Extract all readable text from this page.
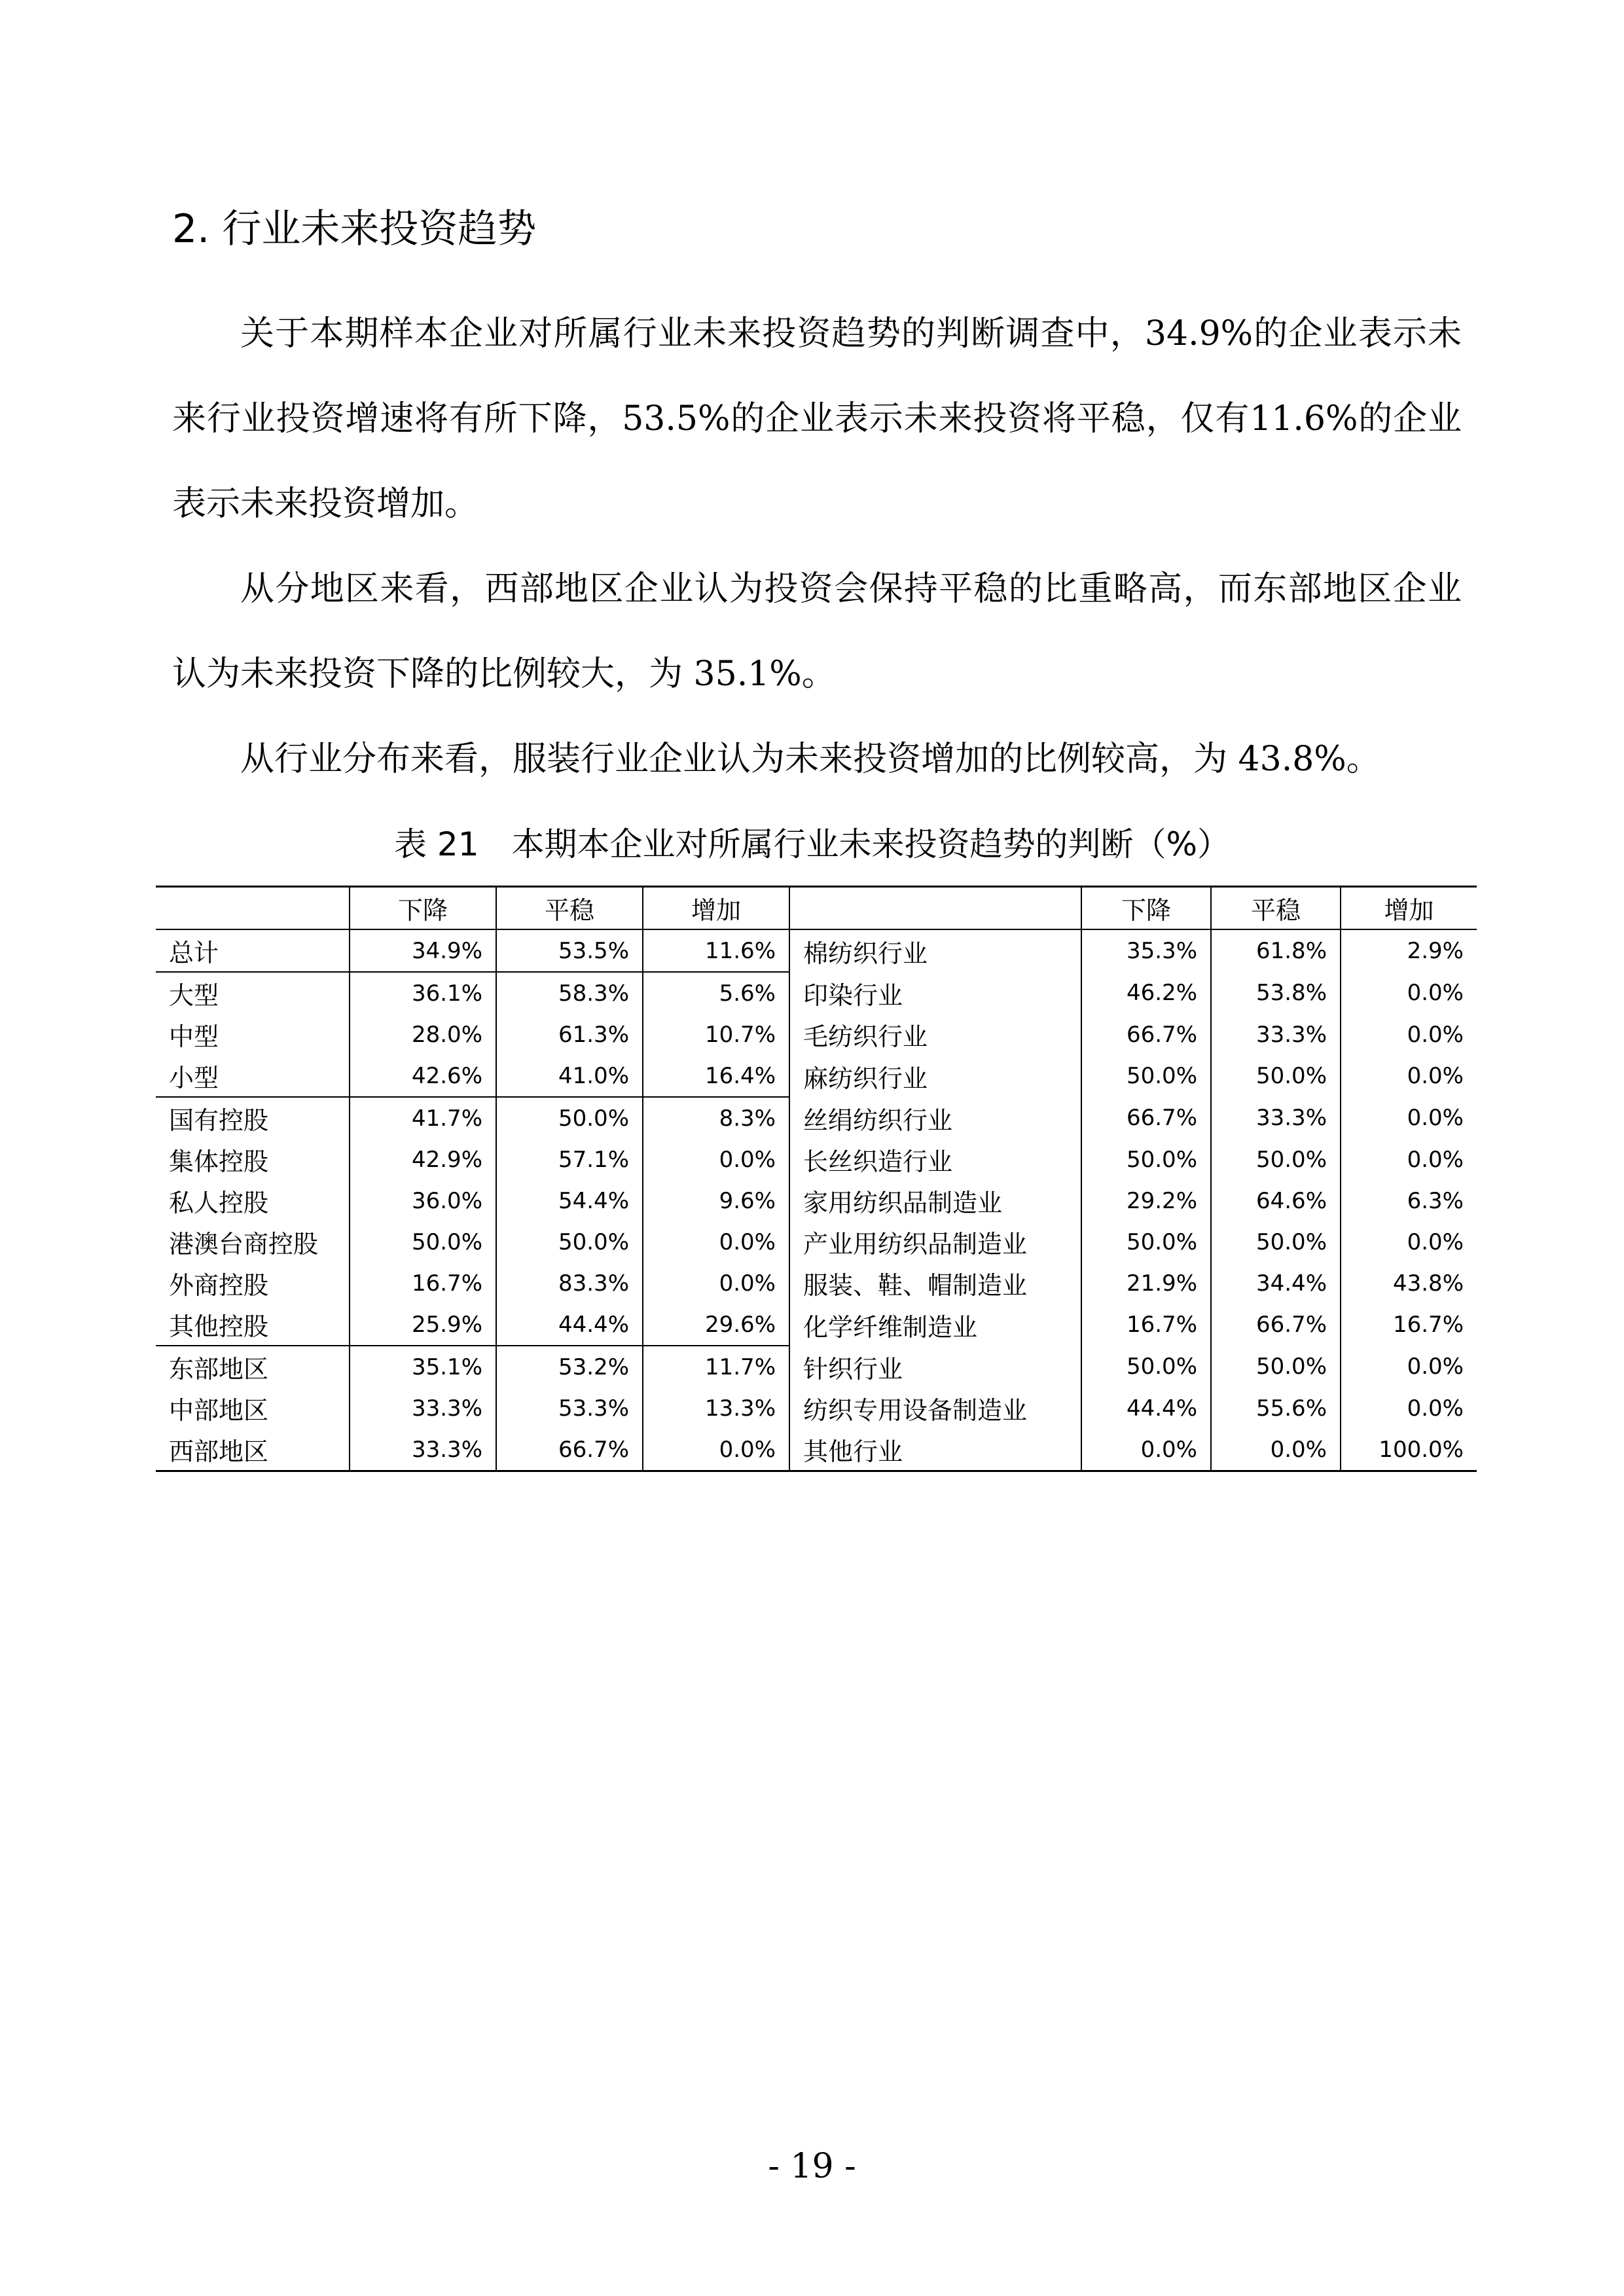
2. 行业未来投资趋势

关于本期样本企业对所属行业未来投资趋势的判断调查中，34.9%的企业表示未来行业投资增速将有所下降，53.5%的企业表示未来投资将平稳，仅有11.6%的企业表示未来投资增加。

从分地区来看，西部地区企业认为投资会保持平稳的比重略高，而东部地区企业认为未来投资下降的比例较大，为 35.1%。

从行业分布来看，服装行业企业认为未来投资增加的比例较高，为 43.8%。

表 21　本期本企业对所属行业未来投资趋势的判断（%）
	下降	平稳	增加		下降	平稳	增加
总计	34.9%	53.5%	11.6%	棉纺织行业	35.3%	61.8%	2.9%
大型	36.1%	58.3%	5.6%	印染行业	46.2%	53.8%	0.0%
中型	28.0%	61.3%	10.7%	毛纺织行业	66.7%	33.3%	0.0%
小型	42.6%	41.0%	16.4%	麻纺织行业	50.0%	50.0%	0.0%
国有控股	41.7%	50.0%	8.3%	丝绢纺织行业	66.7%	33.3%	0.0%
集体控股	42.9%	57.1%	0.0%	长丝织造行业	50.0%	50.0%	0.0%
私人控股	36.0%	54.4%	9.6%	家用纺织品制造业	29.2%	64.6%	6.3%
港澳台商控股	50.0%	50.0%	0.0%	产业用纺织品制造业	50.0%	50.0%	0.0%
外商控股	16.7%	83.3%	0.0%	服装、鞋、帽制造业	21.9%	34.4%	43.8%
其他控股	25.9%	44.4%	29.6%	化学纤维制造业	16.7%	66.7%	16.7%
东部地区	35.1%	53.2%	11.7%	针织行业	50.0%	50.0%	0.0%
中部地区	33.3%	53.3%	13.3%	纺织专用设备制造业	44.4%	55.6%	0.0%
西部地区	33.3%	66.7%	0.0%	其他行业	0.0%	0.0%	100.0%
- 19 -
